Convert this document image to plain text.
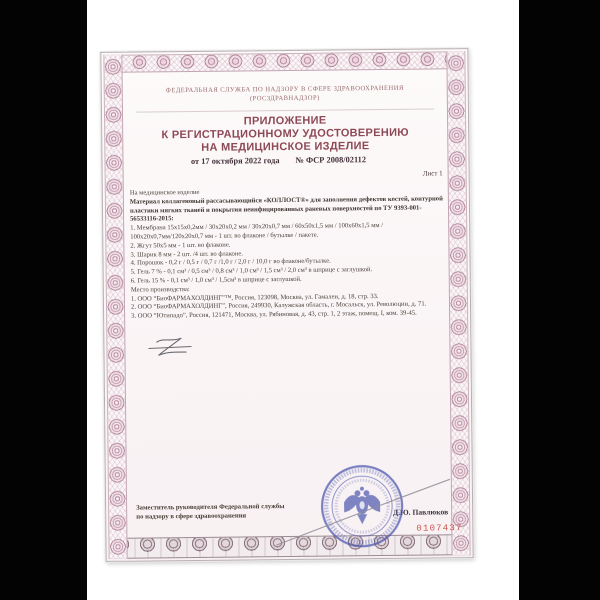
ФЕДЕРАЛЬНАЯ СЛУЖБА ПО НАДЗОРУ В СФЕРЕ ЗДРАВООХРАНЕНИЯ
(РОСЗДРАВНАДЗОР)
ПРИЛОЖЕНИЕ
К РЕГИСТРАЦИОННОМУ УДОСТОВЕРЕНИЮ
НА МЕДИЦИНСКОЕ ИЗДЕЛИЕ
от 17 октября 2022 года № ФСР 2008/02112
Лист 1

На медицинское изделие

Материал коллагеновый рассасывающийся «КОЛЛОСТ®» для заполнения дефектов костей, контурной пластики мягких тканей и покрытия неинфицированных раневых поверхностей по ТУ 9393-001-56533116-2015:

1. Мембрана 15х15х0,2мм / 30х20х0,2 мм / 30х20х0,7 мм / 60х50х1,5 мм / 100х60х1,5 мм / 100х20х0,7мм/120х20х0,7 мм - 1 шт. во флаконе / бутылке / пакете.

2. Жгут 50х5 мм - 1 шт. во флаконе.

3. Шарик 8 мм - 2 шт. /4 шт. во флаконе.

4. Порошок - 0,2 г / 0,5 г / 0,7 г /1,0 г / 2,0 г / 10,0 г во флаконе/бутылке.

5. Гель 7 % - 0,1 см³ / 0,5 см³ / 0,8 см³ / 1,0 см³ / 1,5 см³ / 2,0 см³ в шприце с заглушкой.

6. Гель 15 % - 0,1 см³ / 1,0 см³ / 1,5см³ в шприце с заглушкой.

Место производства:

1. ООО “БиоФАРМАХОЛДИНГ”™, Россия, 123098, Москва, ул. Гамалеи, д. 18, стр. 33.

2. ООО “БиоФАРМАХОЛДИНГ”, Россия, 249930, Калужская область, г. Мосальск, ул. Революции, д. 71.

3. ООО “Ютипадо”, Россия, 121471, Москва, ул. Рябиновая, д. 43, стр. 1, 2 этаж, помещ. I, ком. 39-45.

Заместитель руководителя Федеральной службы
по надзору в сфере здравоохранения	Д.Ю. Павлюков
0107437
